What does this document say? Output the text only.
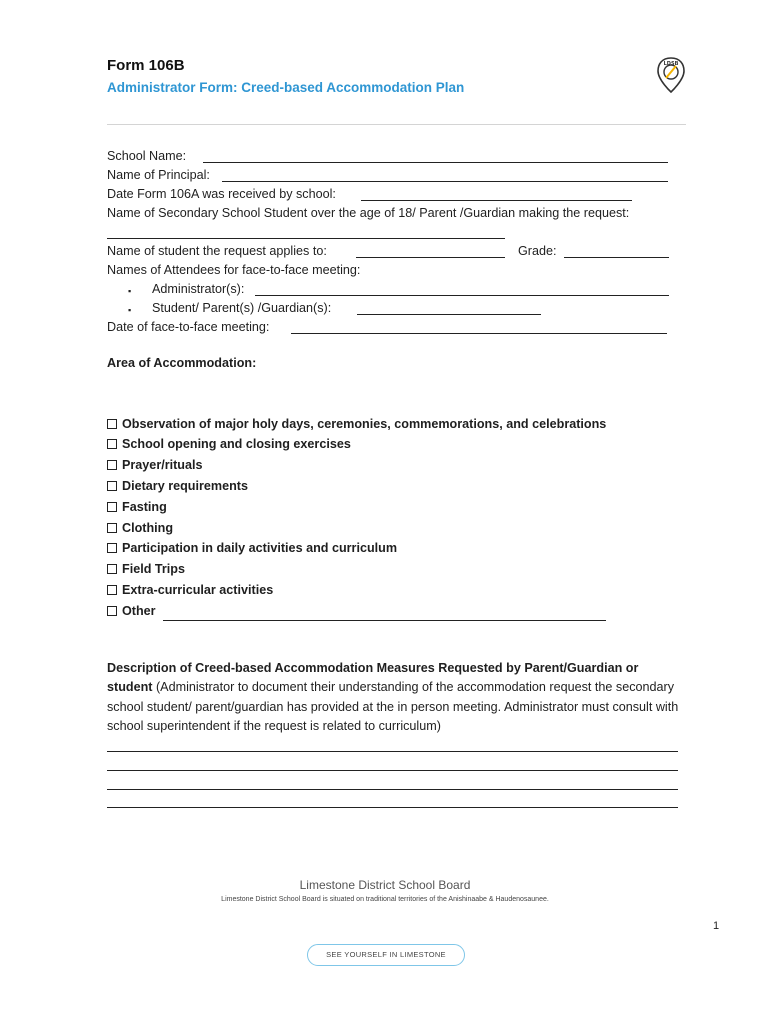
Form 106B
Administrator Form: Creed-based Accommodation Plan
LDSB
School Name:
Name of Principal:
Date Form 106A was received by school:
Name of Secondary School Student over the age of 18/ Parent /Guardian making the request:
Name of student the request applies to:	Grade:
Names of Attendees for face-to-face meeting:
▪ Administrator(s):
▪ Student/ Parent(s) /Guardian(s):
Date of face-to-face meeting:
Area of Accommodation:
Observation of major holy days, ceremonies, commemorations, and celebrations
School opening and closing exercises
Prayer/rituals
Dietary requirements
Fasting
Clothing
Participation in daily activities and curriculum
Field Trips
Extra-curricular activities
Other
Description of Creed-based Accommodation Measures Requested by Parent/Guardian or student (Administrator to document their understanding of the accommodation request the secondary school student/ parent/guardian has provided at the in person meeting. Administrator must consult with school superintendent if the request is related to curriculum)
Limestone District School Board
Limestone District School Board is situated on traditional territories of the Anishinaabe & Haudenosaunee.
1
SEE YOURSELF IN LIMESTONE
